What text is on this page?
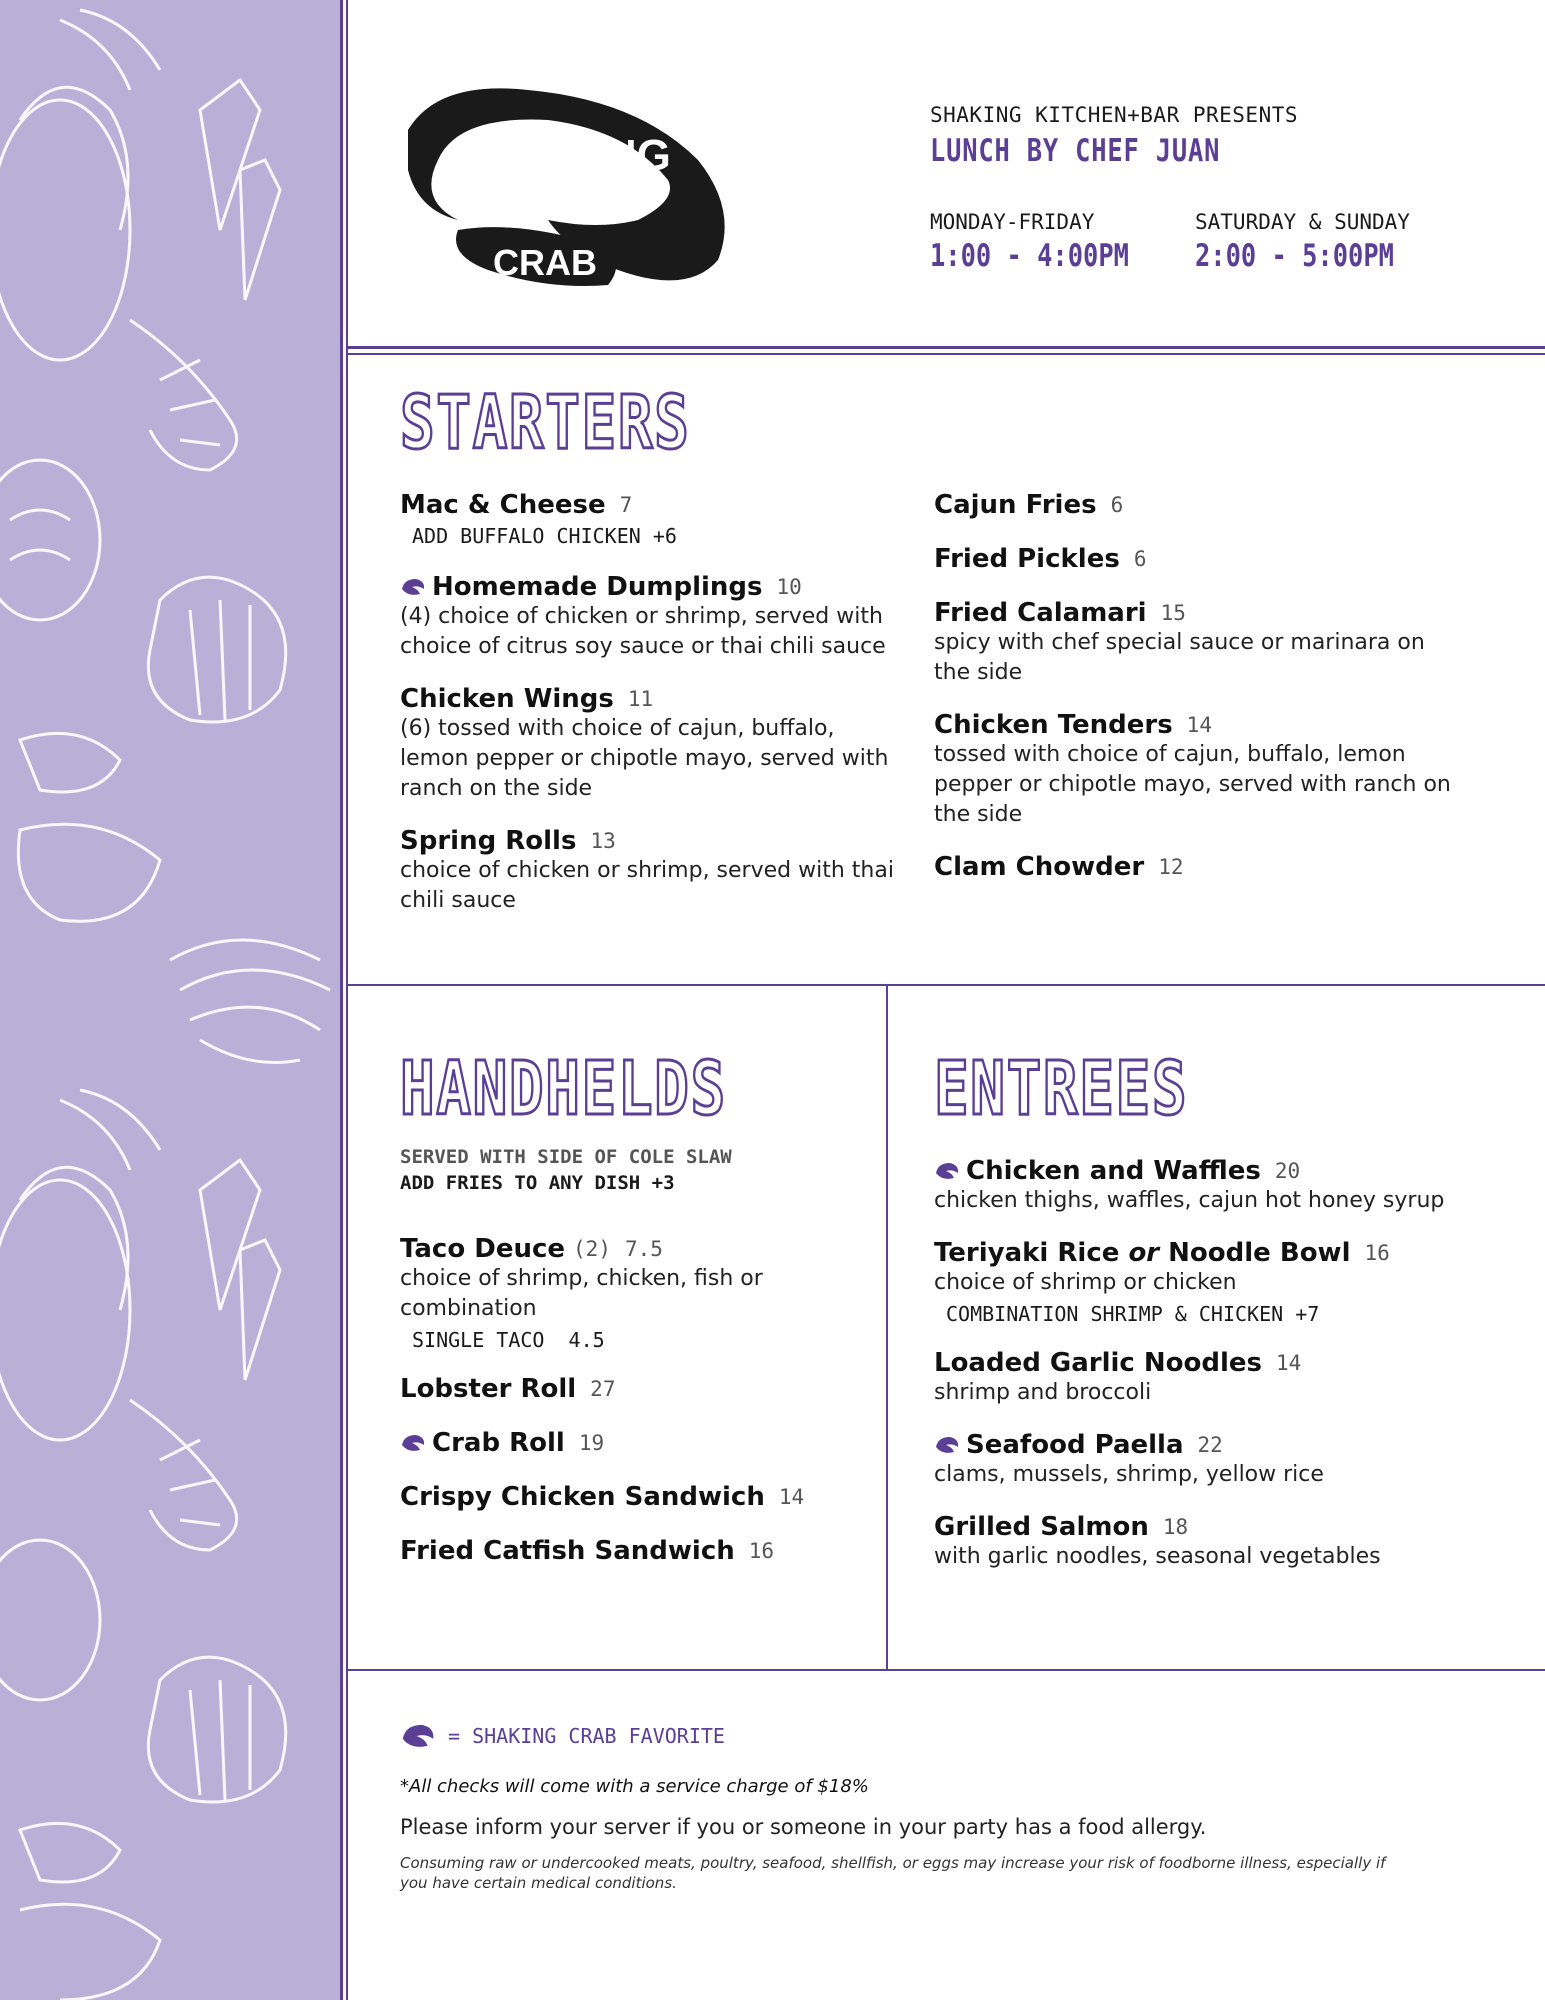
SHAKING
CRAB
SHAKING KITCHEN+BAR PRESENTS
LUNCH BY CHEF JUAN
MONDAY-FRIDAY
1:00 - 4:00PM
SATURDAY & SUNDAY
2:00 - 5:00PM
STARTERS
Mac & Cheese 7
ADD BUFFALO CHICKEN +6
Homemade Dumplings 10
(4) choice of chicken or shrimp, served with choice of citrus soy sauce or thai chili sauce
Chicken Wings 11
(6) tossed with choice of cajun, buffalo, lemon pepper or chipotle mayo, served with ranch on the side
Spring Rolls 13
choice of chicken or shrimp, served with thai chili sauce
Cajun Fries 6
Fried Pickles 6
Fried Calamari 15
spicy with chef special sauce or marinara on the side
Chicken Tenders 14
tossed with choice of cajun, buffalo, lemon pepper or chipotle mayo, served with ranch on the side
Clam Chowder 12
HANDHELDS
SERVED WITH SIDE OF COLE SLAW
ADD FRIES TO ANY DISH +3
Taco Deuce (2) 7.5
choice of shrimp, chicken, fish or combination
SINGLE TACO  4.5
Lobster Roll 27
Crab Roll 19
Crispy Chicken Sandwich 14
Fried Catfish Sandwich 16
ENTREES
Chicken and Waffles 20
chicken thighs, waffles, cajun hot honey syrup
Teriyaki Rice or Noodle Bowl 16
choice of shrimp or chicken
COMBINATION SHRIMP & CHICKEN +7
Loaded Garlic Noodles 14
shrimp and broccoli
Seafood Paella 22
clams, mussels, shrimp, yellow rice
Grilled Salmon 18
with garlic noodles, seasonal vegetables
= SHAKING CRAB FAVORITE
*All checks will come with a service charge of $18%
Please inform your server if you or someone in your party has a food allergy.
Consuming raw or undercooked meats, poultry, seafood, shellfish, or eggs may increase your risk of foodborne illness, especially if you have certain medical conditions.
